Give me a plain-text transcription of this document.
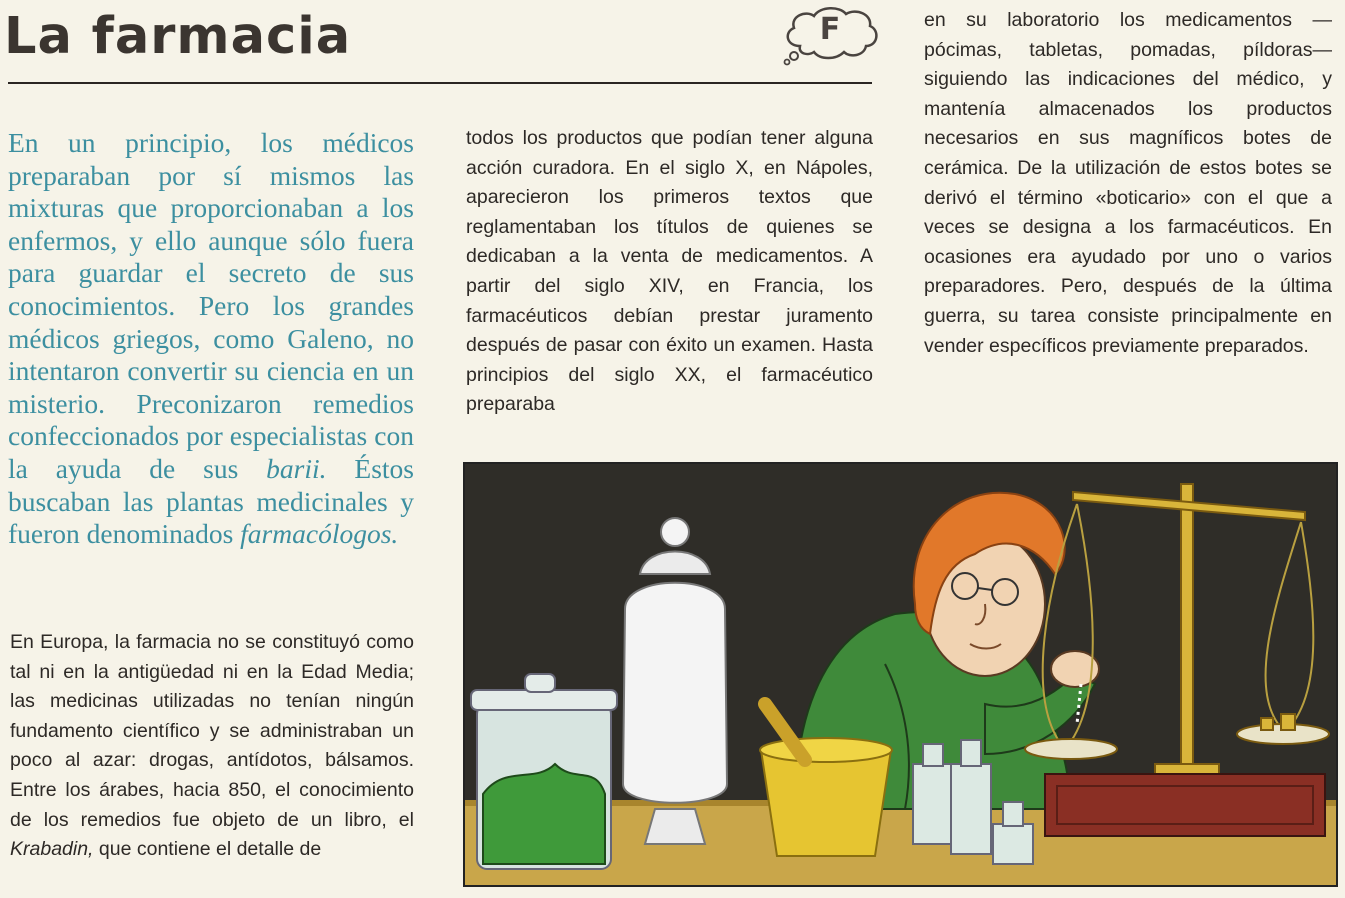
La farmacia	F

En un principio, los médicos preparaban por sí mismos las mixturas que proporcionaban a los enfermos, y ello aunque sólo fuera para guardar el secreto de sus conocimientos. Pero los grandes médicos griegos, como Galeno, no intentaron convertir su ciencia en un misterio. Preconizaron remedios confeccionados por especialistas con la ayuda de sus barii. Éstos buscaban las plantas medicinales y fueron denominados farmacólogos.

En Europa, la farmacia no se constituyó como tal ni en la antigüedad ni en la Edad Media; las medicinas utilizadas no tenían ningún fundamento científico y se administraban un poco al azar: drogas, antídotos, bálsamos. Entre los árabes, hacia 850, el conocimiento de los remedios fue objeto de un libro, el Krabadin, que contiene el detalle de

todos los productos que podían tener alguna acción curadora. En el siglo X, en Nápoles, aparecieron los primeros textos que reglamentaban los títulos de quienes se dedicaban a la venta de medicamentos. A partir del siglo XIV, en Francia, los farmacéuticos debían prestar juramento después de pasar con éxito un examen. Hasta principios del siglo XX, el farmacéutico preparaba

en su laboratorio los medicamentos — pócimas, tabletas, pomadas, píldoras— siguiendo las indicaciones del médico, y mantenía almacenados los productos necesarios en sus magníficos botes de cerámica. De la utilización de estos botes se derivó el término «boticario» con el que a veces se designa a los farmacéuticos. En ocasiones era ayudado por uno o varios preparadores. Pero, después de la última guerra, su tarea consiste principalmente en vender específicos previamente preparados.
